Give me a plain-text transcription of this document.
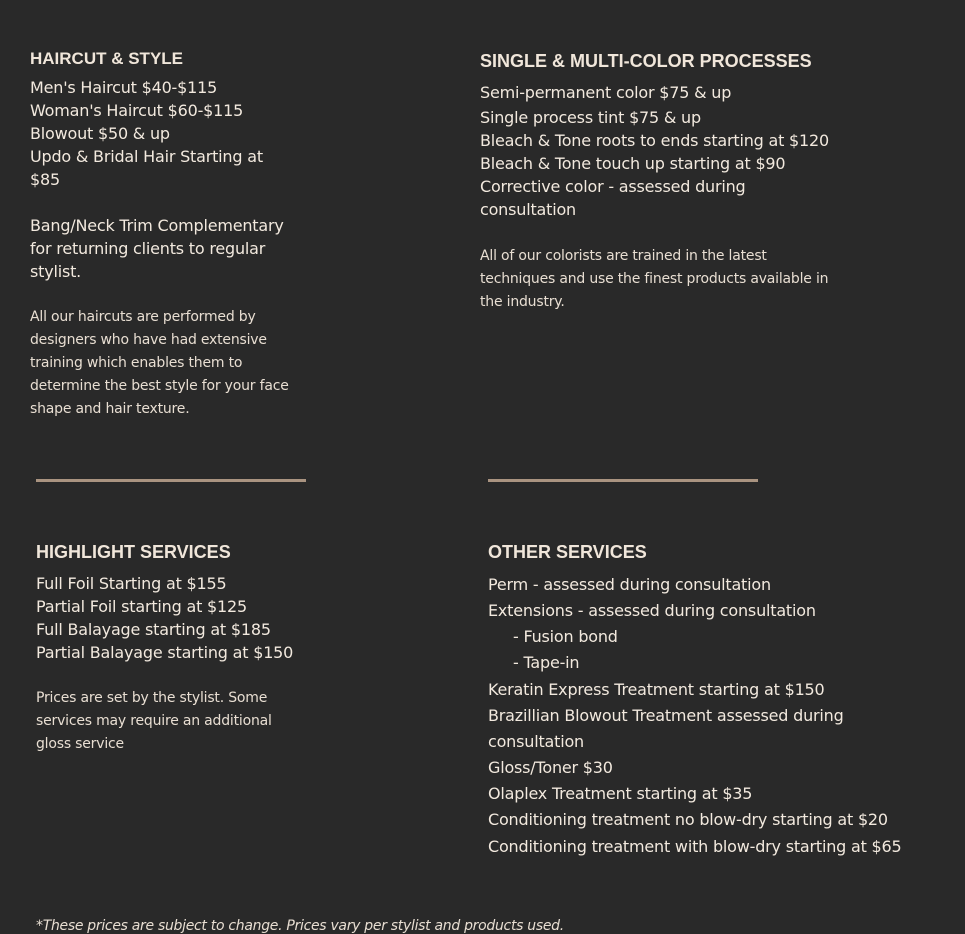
HAIRCUT & STYLE

Men's Haircut $40-$115

Woman's Haircut $60-$115

Blowout $50 & up

Updo & Bridal Hair Starting at

$85

Bang/Neck Trim Complementary

for returning clients to regular

stylist.

All our haircuts are performed by

designers who have had extensive

training which enables them to

determine the best style for your face

shape and hair texture.

SINGLE & MULTI-COLOR PROCESSES

Semi-permanent color $75 & up

Single process tint $75 & up

Bleach & Tone roots to ends starting at $120

Bleach & Tone touch up starting at $90

Corrective color - assessed during

consultation

All of our colorists are trained in the latest

techniques and use the finest products available in

the industry.

HIGHLIGHT SERVICES

Full Foil Starting at $155

Partial Foil starting at $125

Full Balayage starting at $185

Partial Balayage starting at $150

Prices are set by the stylist. Some

services may require an additional

gloss service

OTHER SERVICES

Perm - assessed during consultation

Extensions - assessed during consultation

- Fusion bond

- Tape-in

Keratin Express Treatment starting at $150

Brazillian Blowout Treatment assessed during

consultation

Gloss/Toner $30

Olaplex Treatment starting at $35

Conditioning treatment no blow-dry starting at $20

Conditioning treatment with blow-dry starting at $65

*These prices are subject to change. Prices vary per stylist and products used.
